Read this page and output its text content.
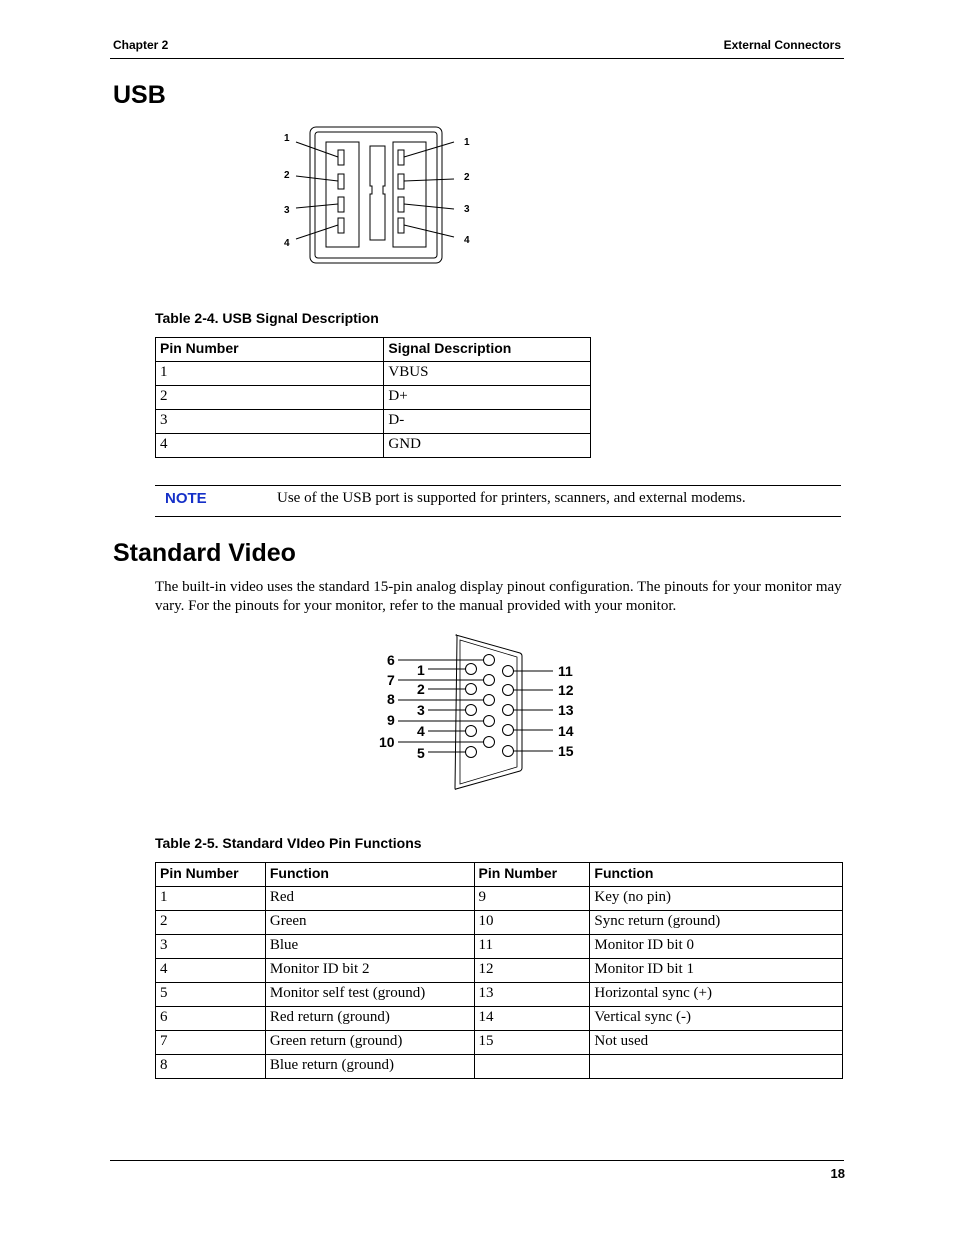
Chapter 2	External Connectors
USB
1
2
3
4
1
2
3
4
Table 2-4. USB Signal Description
Pin Number	Signal Description
1	VBUS
2	D+
3	D-
4	GND
NOTE	Use of the USB port is supported for printers, scanners, and external modems.
Standard Video
The built-in video uses the standard 15-pin analog display pinout configuration. The pinouts for your monitor may vary. For the pinouts for your monitor, refer to the manual provided with your monitor.
6
7
8
9
10
1
2
3
4
5
11
12
13
14
15
Table 2-5. Standard VIdeo Pin Functions
Pin Number	Function	Pin Number	Function
1	Red	9	Key (no pin)
2	Green	10	Sync return (ground)
3	Blue	11	Monitor ID bit 0
4	Monitor ID bit 2	12	Monitor ID bit 1
5	Monitor self test (ground)	13	Horizontal sync (+)
6	Red return (ground)	14	Vertical sync (-)
7	Green return (ground)	15	Not used
8	Blue return (ground)		
18
